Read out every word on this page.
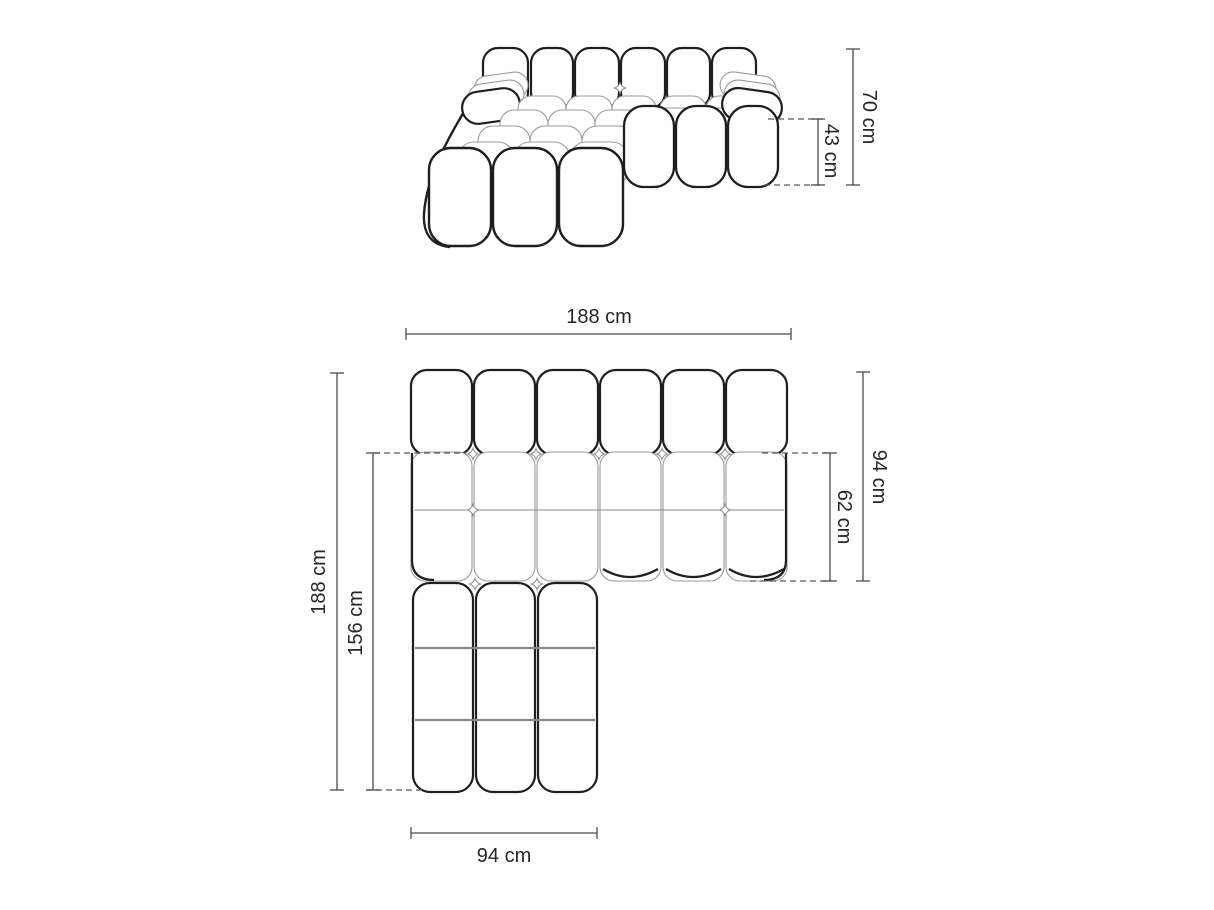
70 cm
43 cm
188 cm
94 cm
62 cm
188 cm
156 cm
94 cm
